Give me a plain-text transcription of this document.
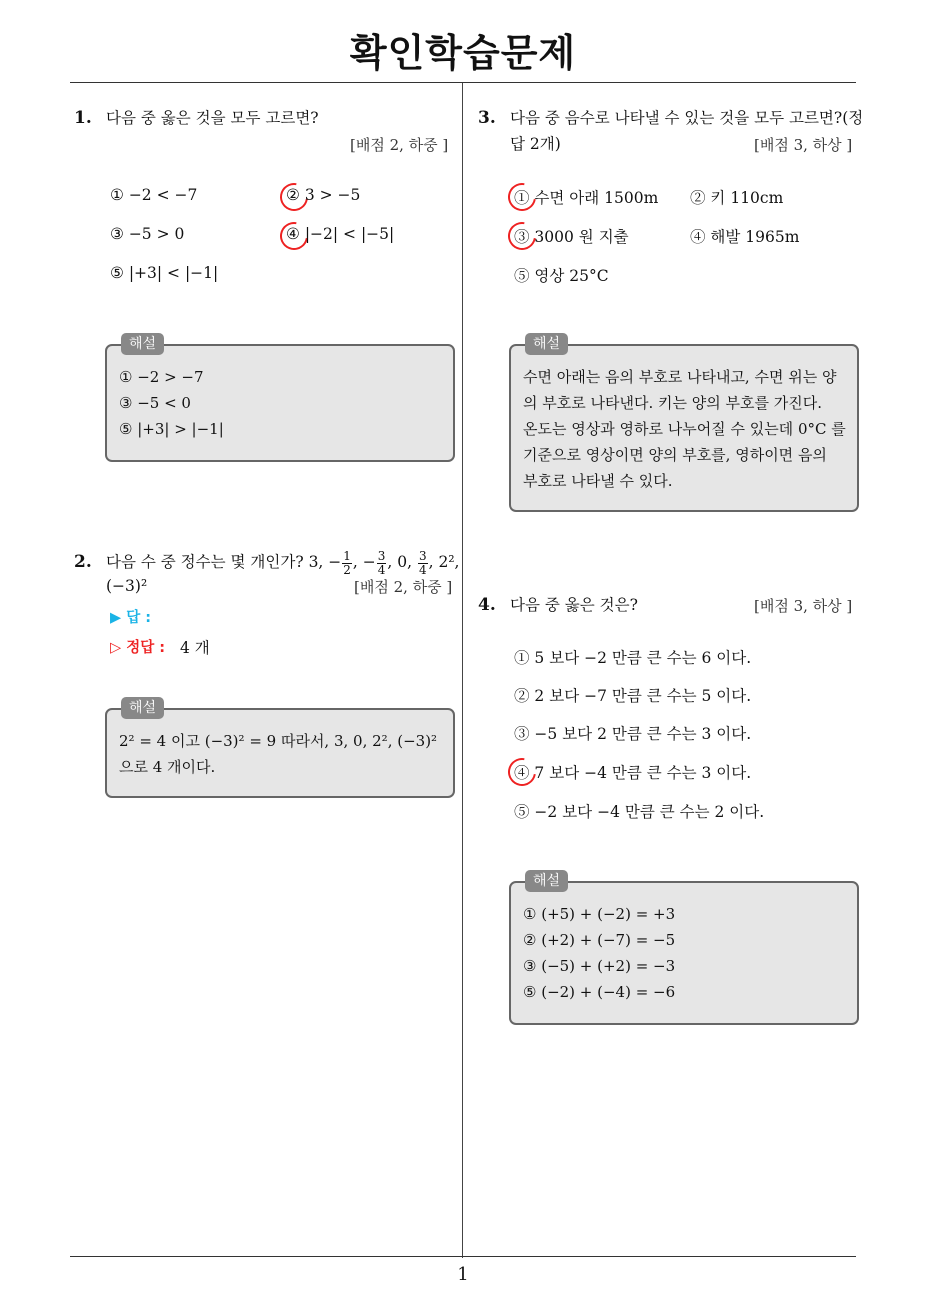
확인학습문제
1. 다음 중 옳은 것을 모두 고르면?
[배점 2, 하중 ]
① −2 < −7	② 3 > −5
③ −5 > 0	④ |−2| < |−5|
⑤ |+3| < |−1|
해설
① −2 > −7
③ −5 < 0
⑤ |+3| > |−1|
2. 다음 수 중 정수는 몇 개인가? 3, − $\frac{1}{2}$ , − $\frac{3}{4}$ , 0, $\frac{3}{4}$ , 2²,
(−3)²	[배점 2, 하중 ]
▶ 답 :
▷ 정답 : 4 개
해설
2² = 4 이고 (−3)² = 9 따라서, 3, 0, 2², (−3)²
으로 4 개이다.
3. 다음 중 음수로 나타낼 수 있는 것을 모두 고르면?(정
답 2개)	[배점 3, 하상 ]
① 수면 아래 1500m ② 키 110cm
③ 3000 원 지출	④ 해발 1965m
⑤ 영상 25°C
해설
수면 아래는 음의 부호로 나타내고, 수면 위는 양
의 부호로 나타낸다. 키는 양의 부호를 가진다.
온도는 영상과 영하로 나누어질 수 있는데 0°C 를
기준으로 영상이면 양의 부호를, 영하이면 음의
부호로 나타낼 수 있다.
4. 다음 중 옳은 것은?	[배점 3, 하상 ]
① 5 보다 −2 만큼 큰 수는 6 이다.
② 2 보다 −7 만큼 큰 수는 5 이다.
③ −5 보다 2 만큼 큰 수는 3 이다.
④ 7 보다 −4 만큼 큰 수는 3 이다.
⑤ −2 보다 −4 만큼 큰 수는 2 이다.
해설
① (+5) + (−2) = +3
② (+2) + (−7) = −5
③ (−5) + (+2) = −3
⑤ (−2) + (−4) = −6
1
